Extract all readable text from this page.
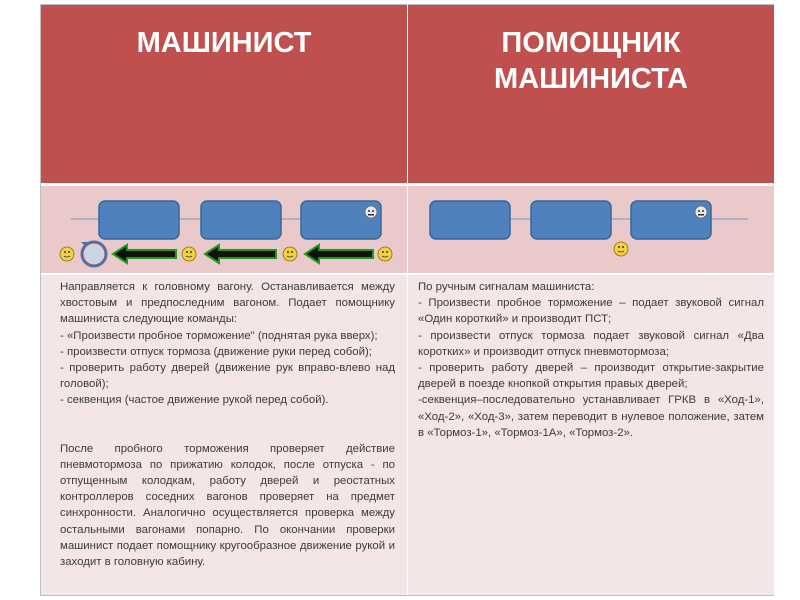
МАШИНИСТ	ПОМОЩНИК
МАШИНИСТА

Направляется к головному вагону. Останавливается между хвостовым и предпоследним вагоном. Подает помощнику машиниста следующие команды:

- «Произвести пробное торможение" (поднятая рука вверх);

- произвести отпуск тормоза (движение руки перед собой);

- проверить работу дверей (движение рук вправо-влево над головой);

- секвенция (частое движение рукой перед собой).

После пробного торможения проверяет действие пневмотормоза по прижатию колодок, после отпуска - по отпущенным колодкам, работу дверей и реостатных контроллеров соседних вагонов проверяет на предмет синхронности. Аналогично осуществляется проверка между остальными вагонами попарно. По окончании проверки машинист подает помощнику кругообразное движение рукой и заходит в головную кабину.

По ручным сигналам машиниста:

- Произвести пробное торможение – подает звуковой сигнал «Один короткий» и производит ПСТ;

- произвести отпуск тормоза подает звуковой сигнал «Два коротких» и производит отпуск пневмотормоза;

- проверить работу дверей – производит открытие-закрытие дверей в поезде кнопкой открытия правых дверей;

-секвенция–последовательно устанавливает ГРКВ в «Ход-1», «Ход-2», «Ход-3», затем переводит в нулевое положение, затем в «Тормоз-1», «Тормоз-1А», «Тормоз-2».
